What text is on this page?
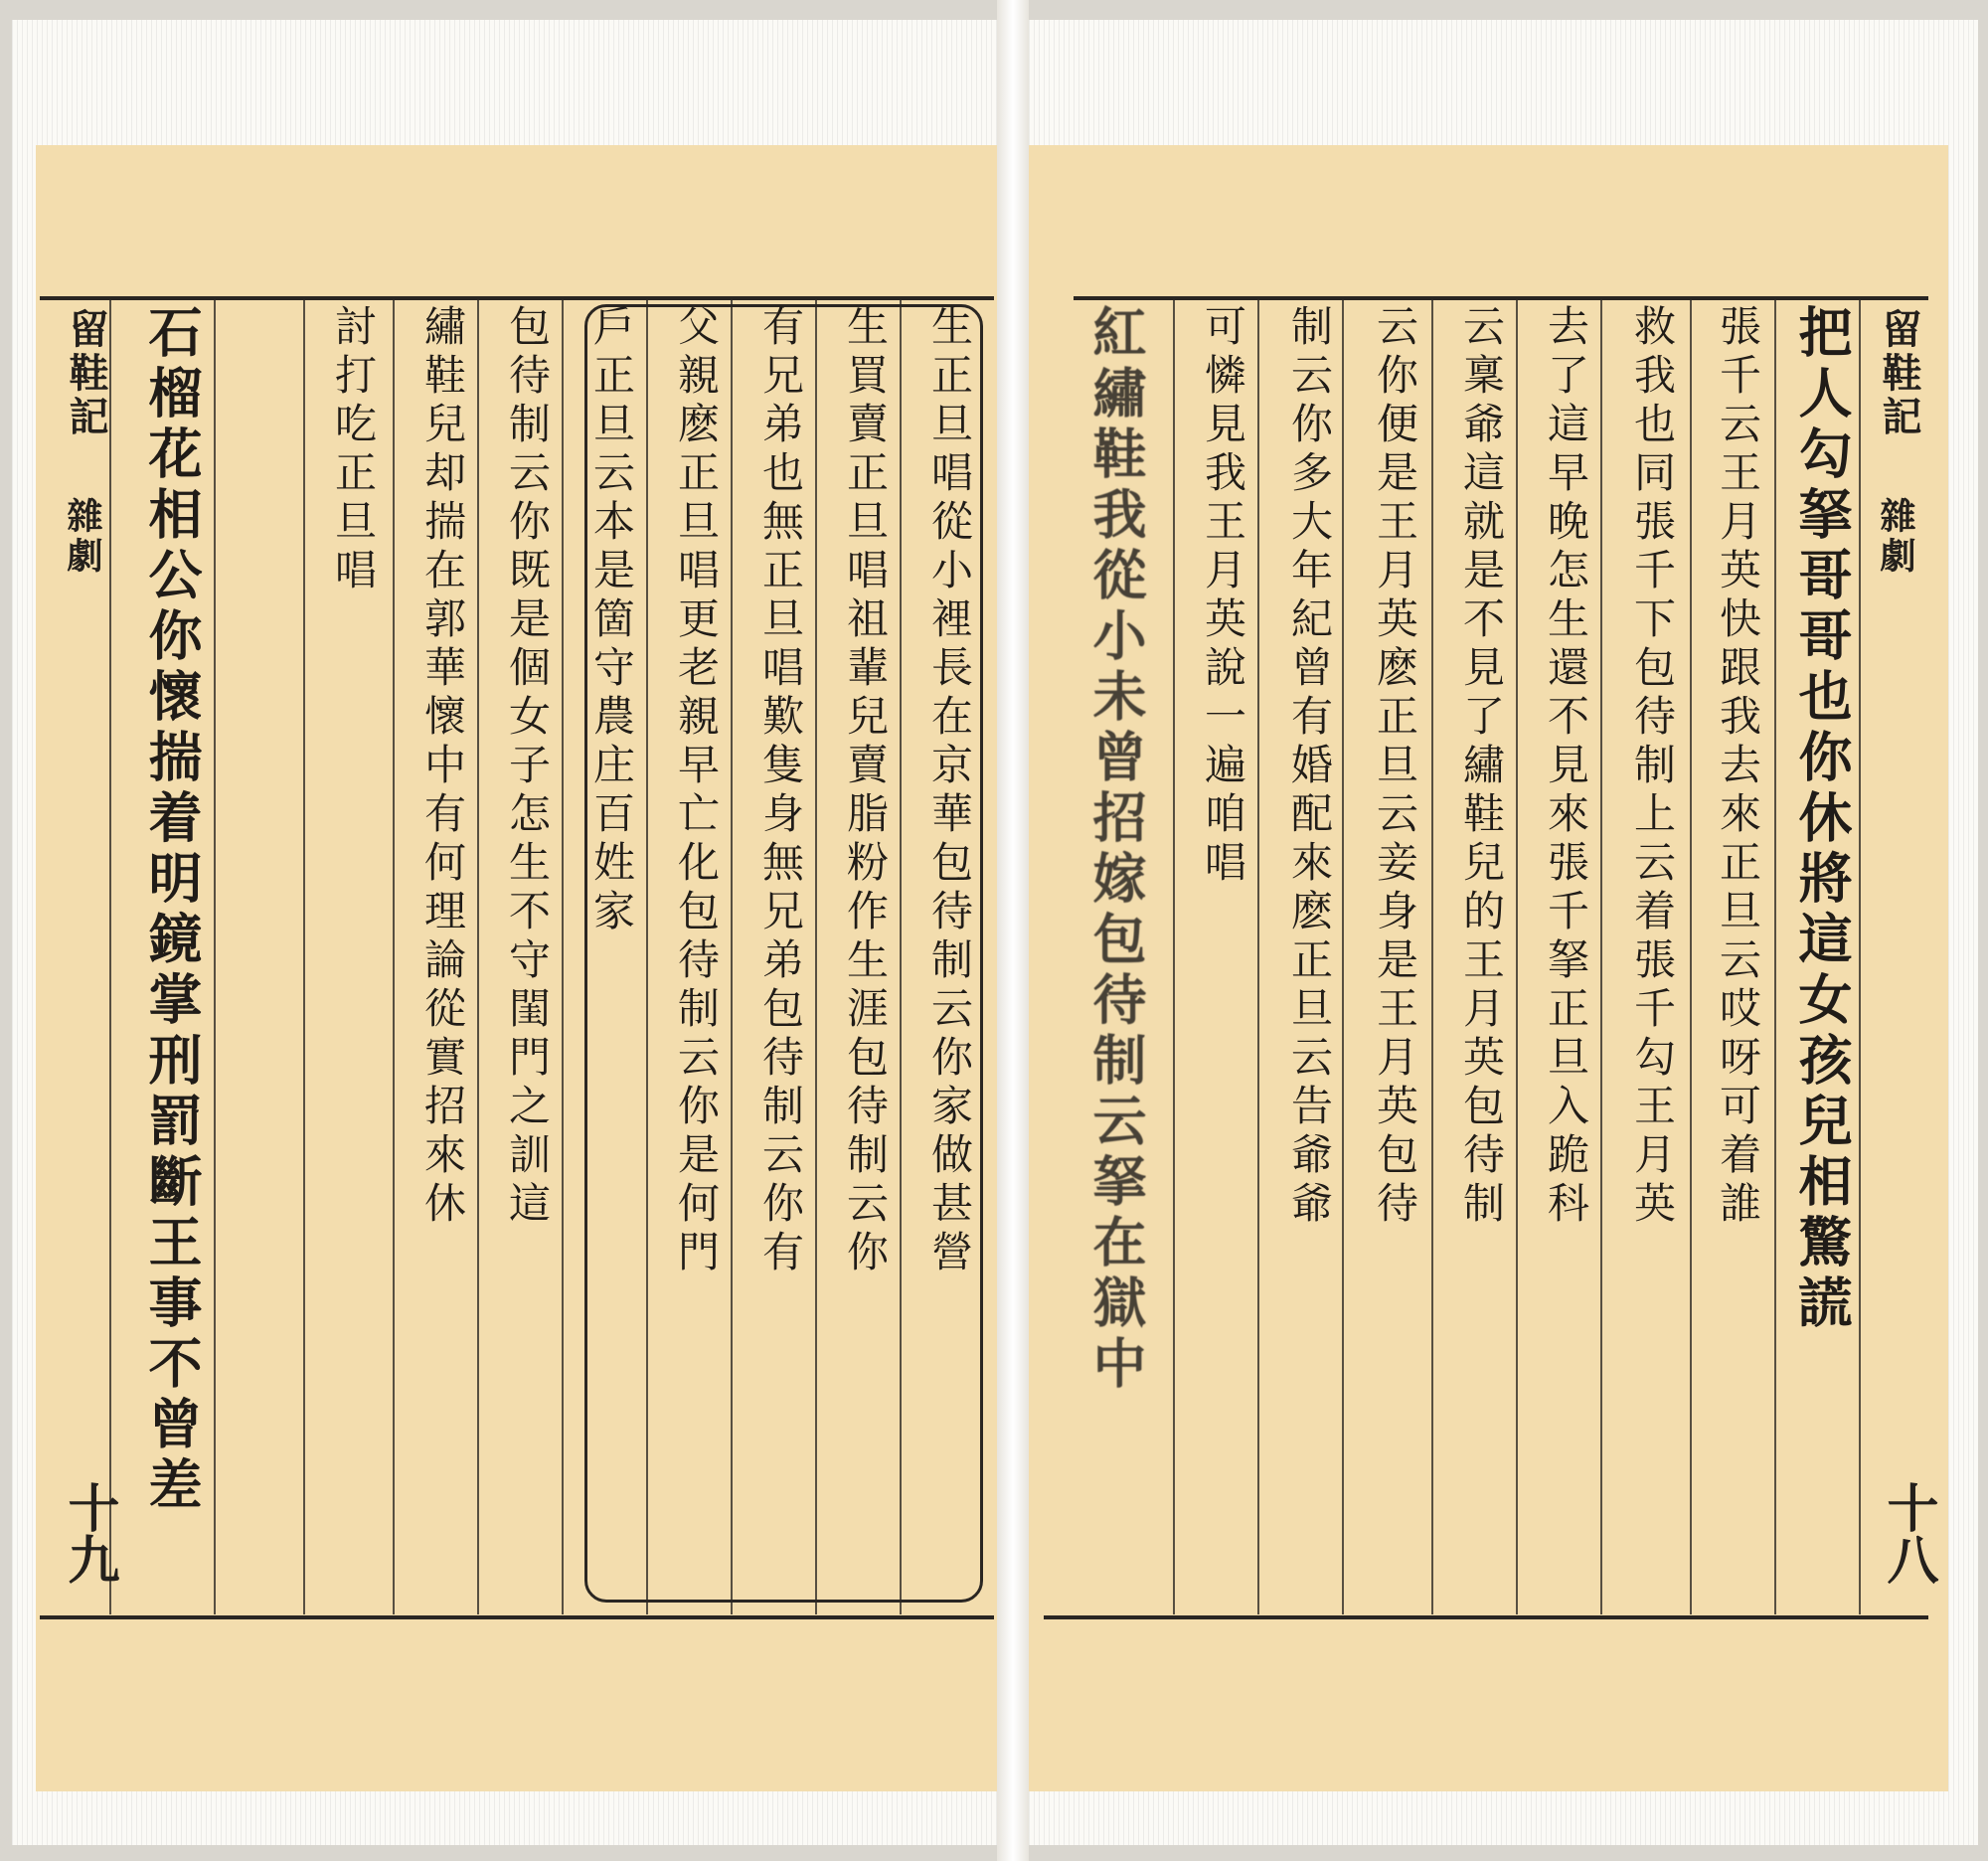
留鞋記
雜劇
十八
把人勾拏哥哥也你休將這女孩兒相驚謊
張千云王月英快跟我去來正旦云哎呀可着誰
救我也同張千下包待制上云着張千勾王月英
去了這早晚怎生還不見來張千拏正旦入跪科
云稟爺這就是不見了繡鞋兒的王月英包待制
云你便是王月英麽正旦云妾身是王月英包待
制云你多大年紀曾有婚配來麽正旦云告爺爺
可憐見我王月英說一遍咱唱
紅繡鞋我從小未曾招嫁包待制云拏在獄中
留鞋記
雜劇
十九
生正旦唱從小裡長在京華包待制云你家做甚營
生買賣正旦唱祖輩兒賣脂粉作生涯包待制云你
有兄弟也無正旦唱歎隻身無兄弟包待制云你有
父親麽正旦唱更老親早亡化包待制云你是何門
戶正旦云本是箇守農庄百姓家
包待制云你既是個女子怎生不守閨門之訓這
繡鞋兒却揣在郭華懷中有何理論從實招來休
討打吃正旦唱
石榴花相公你懷揣着明鏡掌刑罰斷王事不曾差
